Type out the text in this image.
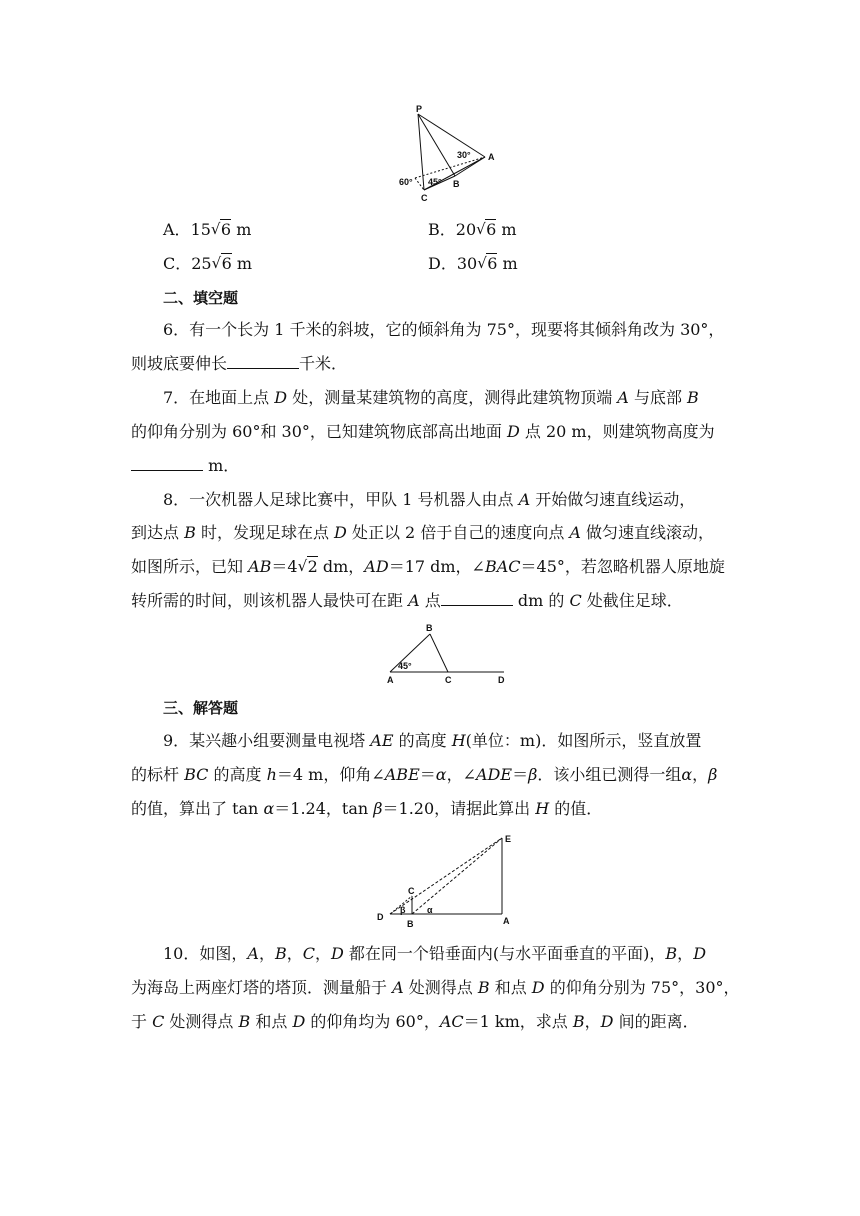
P
A
B
C
30°
45°
60°
A．15 √ 6 m	B．20 √ 6 m
C．25 √ 6 m	D．30 √ 6 m
二、填空题
6．有一个长为 1 千米的斜坡，它的倾斜角为 75°，现要将其倾斜角改为 30°，
则坡底要伸长	千米．
7．在地面上点 D 处，测量某建筑物的高度，测得此建筑物顶端 A 与底部 B
的仰角分别为 60°和 30°，已知建筑物底部高出地面 D 点 20 m，则建筑物高度为
m．
8．一次机器人足球比赛中，甲队 1 号机器人由点 A 开始做匀速直线运动，
到达点 B 时，发现足球在点 D 处正以 2 倍于自己的速度向点 A 做匀速直线滚动，
如图所示，已知 AB＝4 √ 2 dm，AD＝17 dm，∠BAC＝45°，若忽略机器人原地旋
转所需的时间，则该机器人最快可在距 A 点	dm 的 C 处截住足球．
A
B
C	D
45°
三、解答题
9．某兴趣小组要测量电视塔 AE 的高度 H(单位：m)．如图所示，竖直放置
的标杆 BC 的高度 h＝4 m，仰角∠ABE＝α，∠ADE＝β．该小组已测得一组α，β
的值，算出了 tan α＝1.24，tan β＝1.20，请据此算出 H 的值．
E
A
C
B
D
β α
10．如图，A，B，C，D 都在同一个铅垂面内(与水平面垂直的平面)，B，D
为海岛上两座灯塔的塔顶．测量船于 A 处测得点 B 和点 D 的仰角分别为 75°，30°，
于 C 处测得点 B 和点 D 的仰角均为 60°，AC＝1 km，求点 B，D 间的距离．
